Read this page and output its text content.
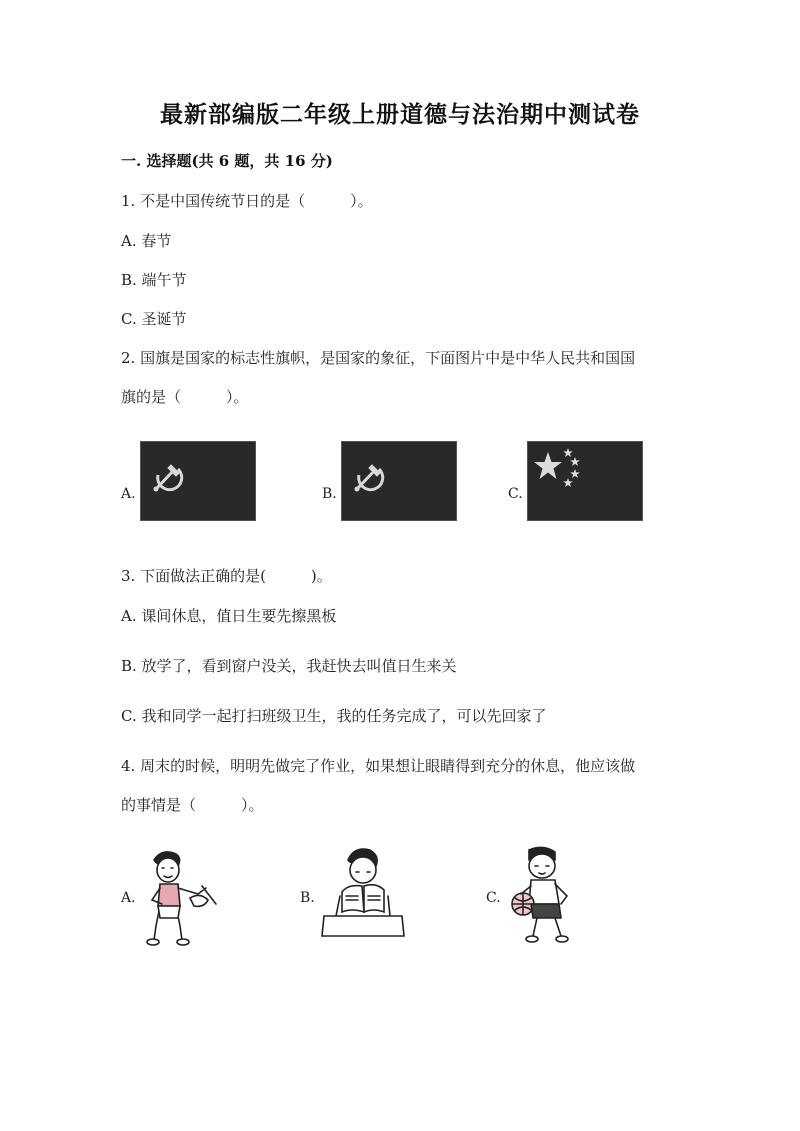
最新部编版二年级上册道德与法治期中测试卷
一. 选择题(共 6 题，共 16 分)
1. 不是中国传统节日的是（　　　）。
A. 春节
B. 端午节
C. 圣诞节
2. 国旗是国家的标志性旗帜，是国家的象征，下面图片中是中华人民共和国国
旗的是（　　　）。
A.	B.	C.
3. 下面做法正确的是(　　　)。
A. 课间休息，值日生要先擦黑板
B. 放学了，看到窗户没关，我赶快去叫值日生来关
C. 我和同学一起打扫班级卫生，我的任务完成了，可以先回家了
4. 周末的时候，明明先做完了作业，如果想让眼睛得到充分的休息，他应该做
的事情是（　　　）。
A.	B.	C.
